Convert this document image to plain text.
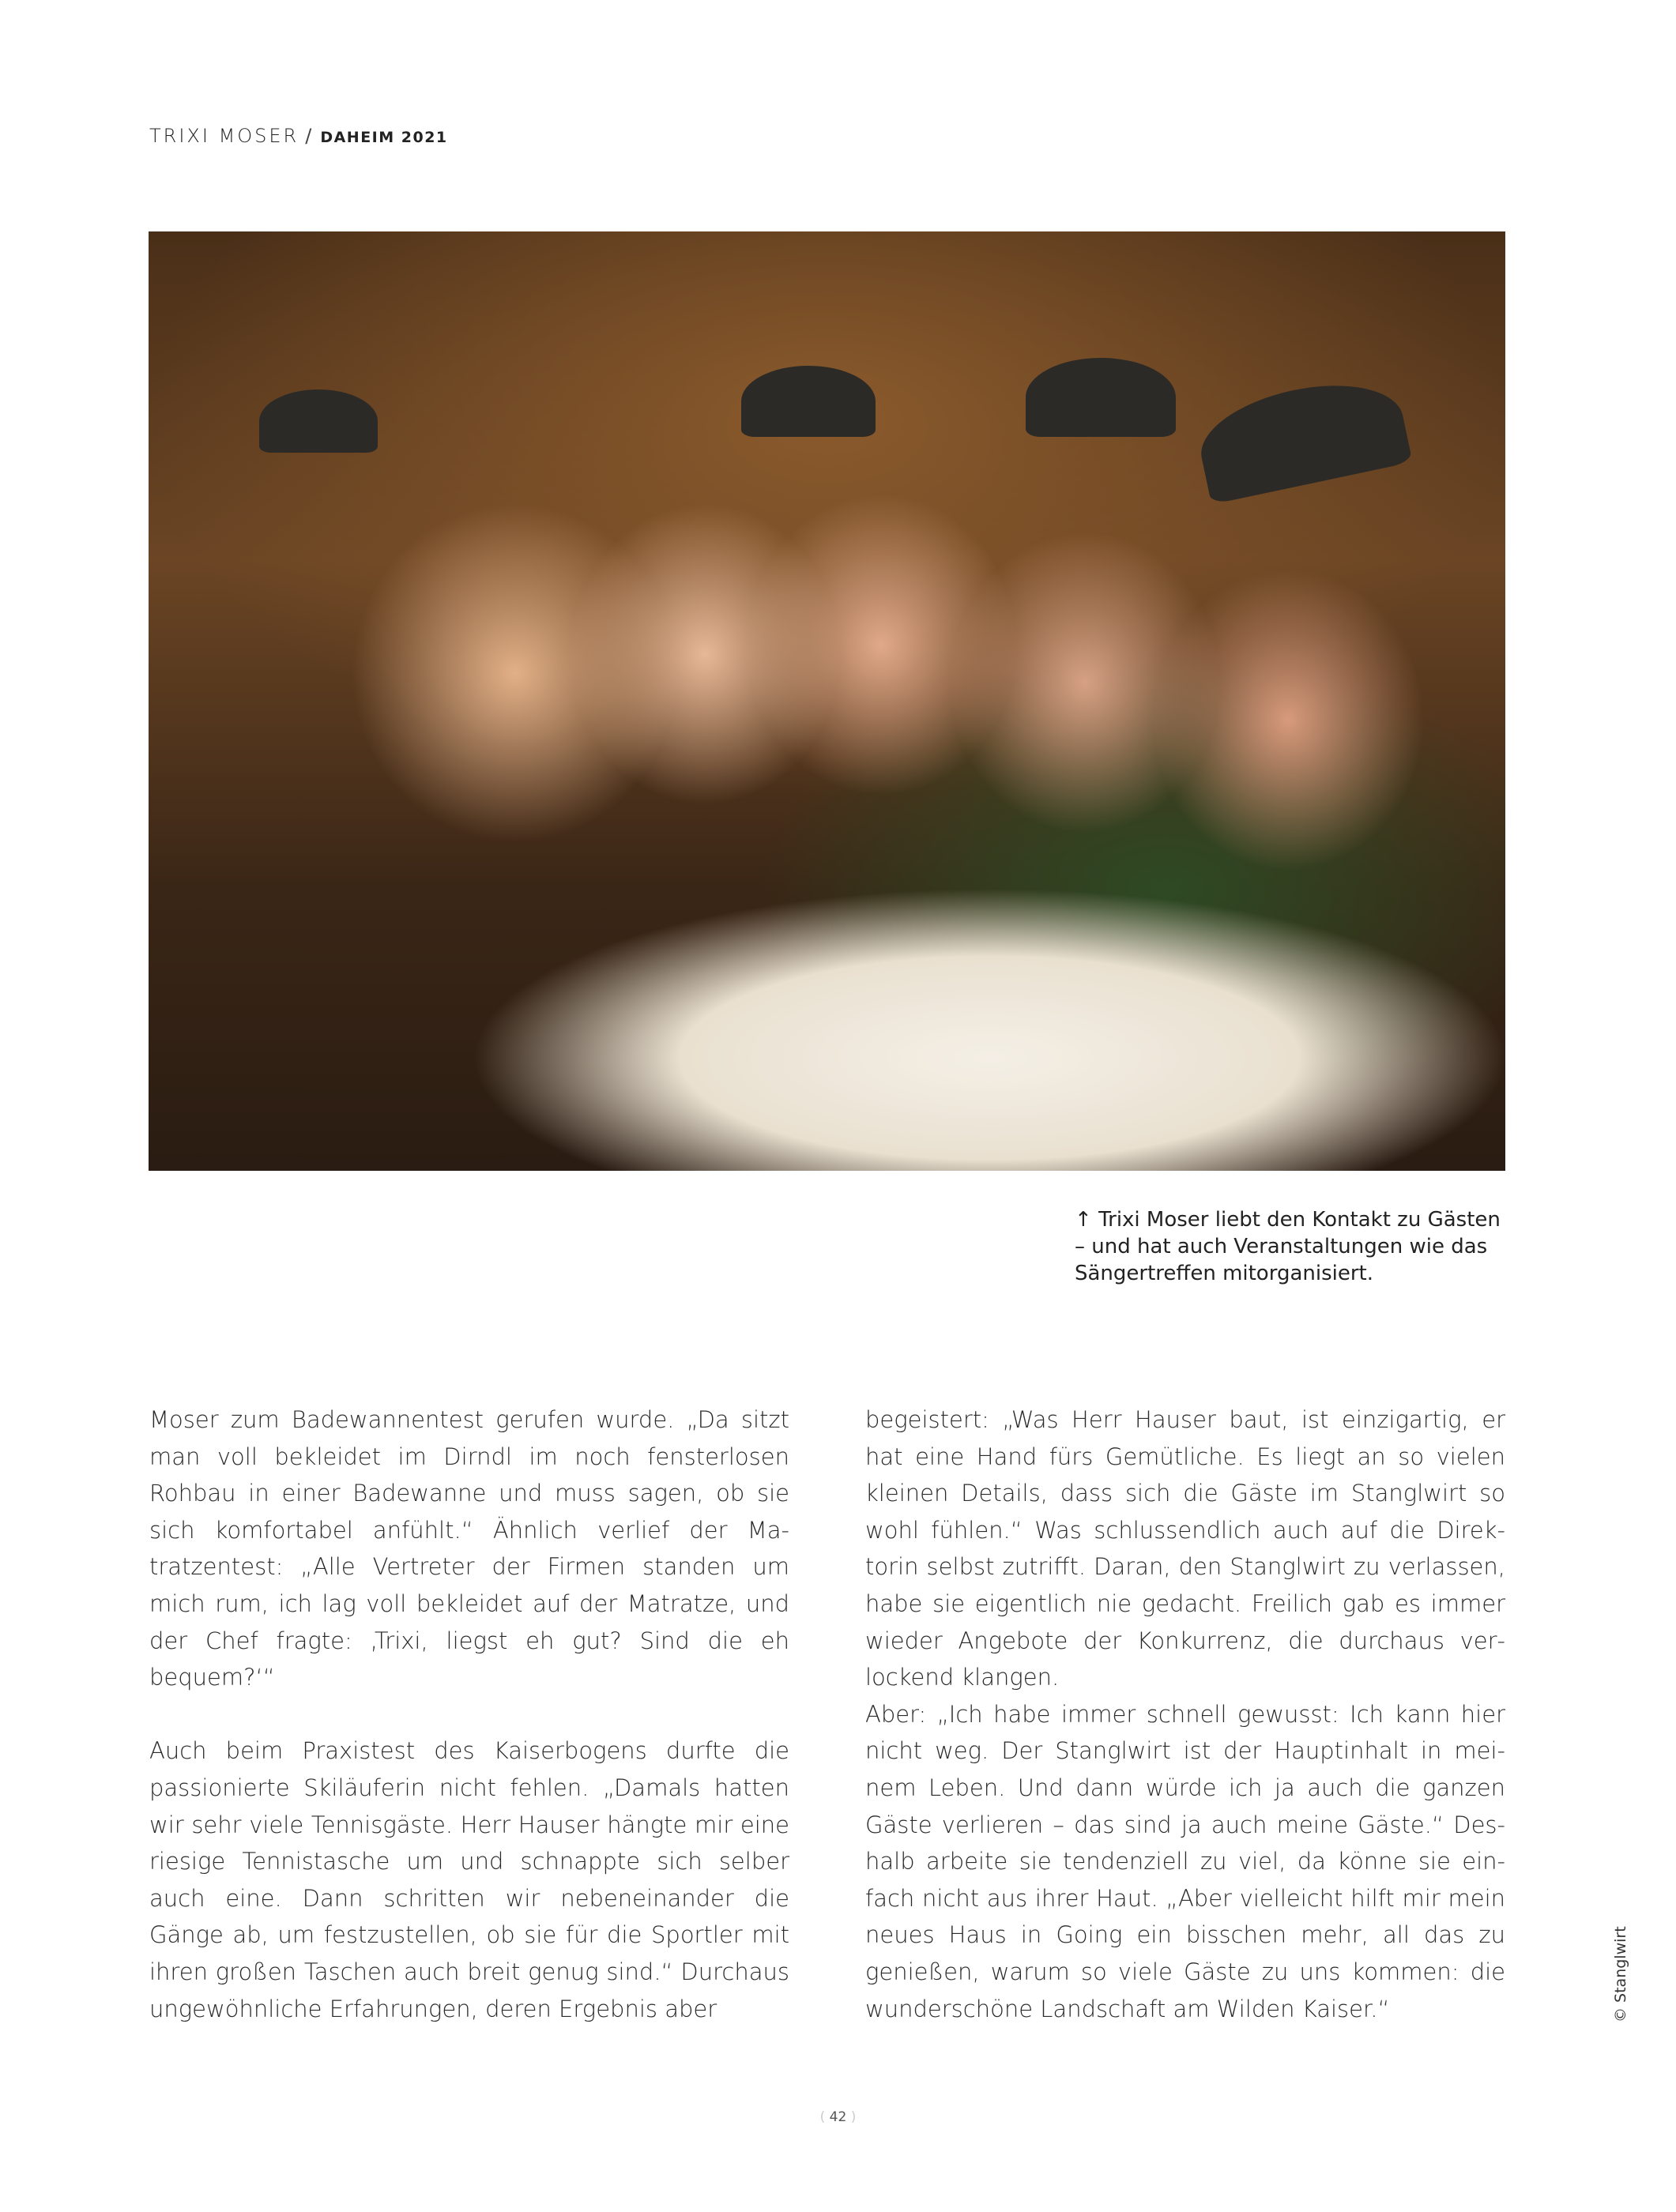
TRIXI MOSER / DAHEIM 2021
↑ Trixi Moser liebt den Kontakt zu Gästen – und hat auch Veranstaltungen wie das Sängertreffen mitorganisiert.

Moser zum Badewannentest gerufen wurde. „Da sitzt man voll bekleidet im Dirndl im noch fensterlosen Rohbau in einer Badewanne und muss sagen, ob sie sich komfortabel anfühlt.“ Ähnlich verlief der Matratzentest: „Alle Vertreter der Firmen standen um mich rum, ich lag voll bekleidet auf der Matratze, und der Chef fragte: ‚Trixi, liegst eh gut? Sind die eh bequem?‘“

Auch beim Praxistest des Kaiserbogens durfte die passionierte Skiläuferin nicht fehlen. „Damals hatten wir sehr viele Tennisgäste. Herr Hauser hängte mir eine riesige Tennistasche um und schnappte sich selber auch eine. Dann schritten wir nebeneinander die Gänge ab, um festzustellen, ob sie für die Sportler mit ihren großen Taschen auch breit genug sind.“ Durchaus ungewöhnliche Erfahrungen, deren Ergebnis aber

begeistert: „Was Herr Hauser baut, ist einzigartig, er hat eine Hand fürs Gemütliche. Es liegt an so vielen kleinen Details, dass sich die Gäste im Stanglwirt so wohl fühlen.“ Was schlussendlich auch auf die Direktorin selbst zutrifft. Daran, den Stanglwirt zu verlassen, habe sie eigentlich nie gedacht. Freilich gab es immer wieder Angebote der Konkurrenz, die durchaus verlockend klangen.

Aber: „Ich habe immer schnell gewusst: Ich kann hier nicht weg. Der Stanglwirt ist der Hauptinhalt in meinem Leben. Und dann würde ich ja auch die ganzen Gäste verlieren – das sind ja auch meine Gäste.“ Deshalb arbeite sie tendenziell zu viel, da könne sie einfach nicht aus ihrer Haut. „Aber vielleicht hilft mir mein neues Haus in Going ein bisschen mehr, all das zu genießen, warum so viele Gäste zu uns kommen: die wunderschöne Landschaft am Wilden Kaiser.“

( 42 )
© Stanglwirt
